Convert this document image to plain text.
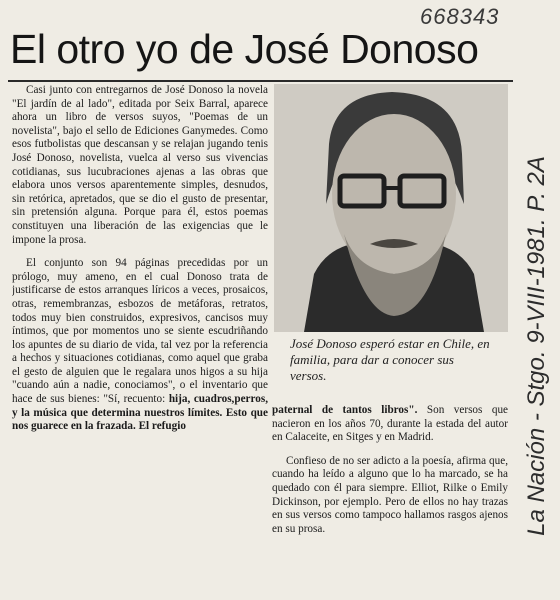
668343
El otro yo de José Donoso

Casi junto con entregarnos de José Donoso la novela "El jardín de al lado", editada por Seix Barral, aparece ahora un libro de versos suyos, "Poemas de un novelista", bajo el sello de Ediciones Ganymedes. Como esos futbolistas que descansan y se relajan jugando tenis José Donoso, novelista, vuelca al verso sus vivencias cotidianas, sus lucubraciones ajenas a las obras que elabora unos versos aparentemente simples, desnudos, sin retórica, apretados, que se dio el gusto de presentar, sin pretensión alguna. Porque para él, estos poemas constituyen una liberación de las exigencias que le impone la prosa.

El conjunto son 94 páginas precedidas por un prólogo, muy ameno, en el cual Donoso trata de justificarse de estos arranques líricos a veces, prosaicos, otras, remembranzas, esbozos de metáforas, retratos, todos muy bien construidos, expresivos, cancisos muy íntimos, que por momentos uno se siente escudriñando los apuntes de su diario de vida, tal vez por la referencia a hechos y situaciones cotidianas, como aquel que graba el gesto de alguien que le regalara unos higos a su hija "cuando aún a nadie, conociamos", o el inventario que hace de sus bienes: "Sí, recuento: hija, cuadros,perros, y la música que determina nuestros límites. Esto que nos guarece en la frazada. El refugio

José Donoso esperó estar en Chile, en familia, para dar a conocer sus versos.

paternal de tantos libros". Son versos que nacieron en los años 70, durante la estada del autor en Calaceite, en Sitges y en Madrid.

Confieso de no ser adicto a la poesía, afirma que, cuando ha leído a alguno que lo ha marcado, se ha quedado con él para siempre. Elliot, Rilke o Emily Dickinson, por ejemplo. Pero de ellos no hay trazas en sus versos como tampoco hallamos rasgos ajenos en su prosa.	La Nación - Stgo. 9-VIII-1981. P. 2A
